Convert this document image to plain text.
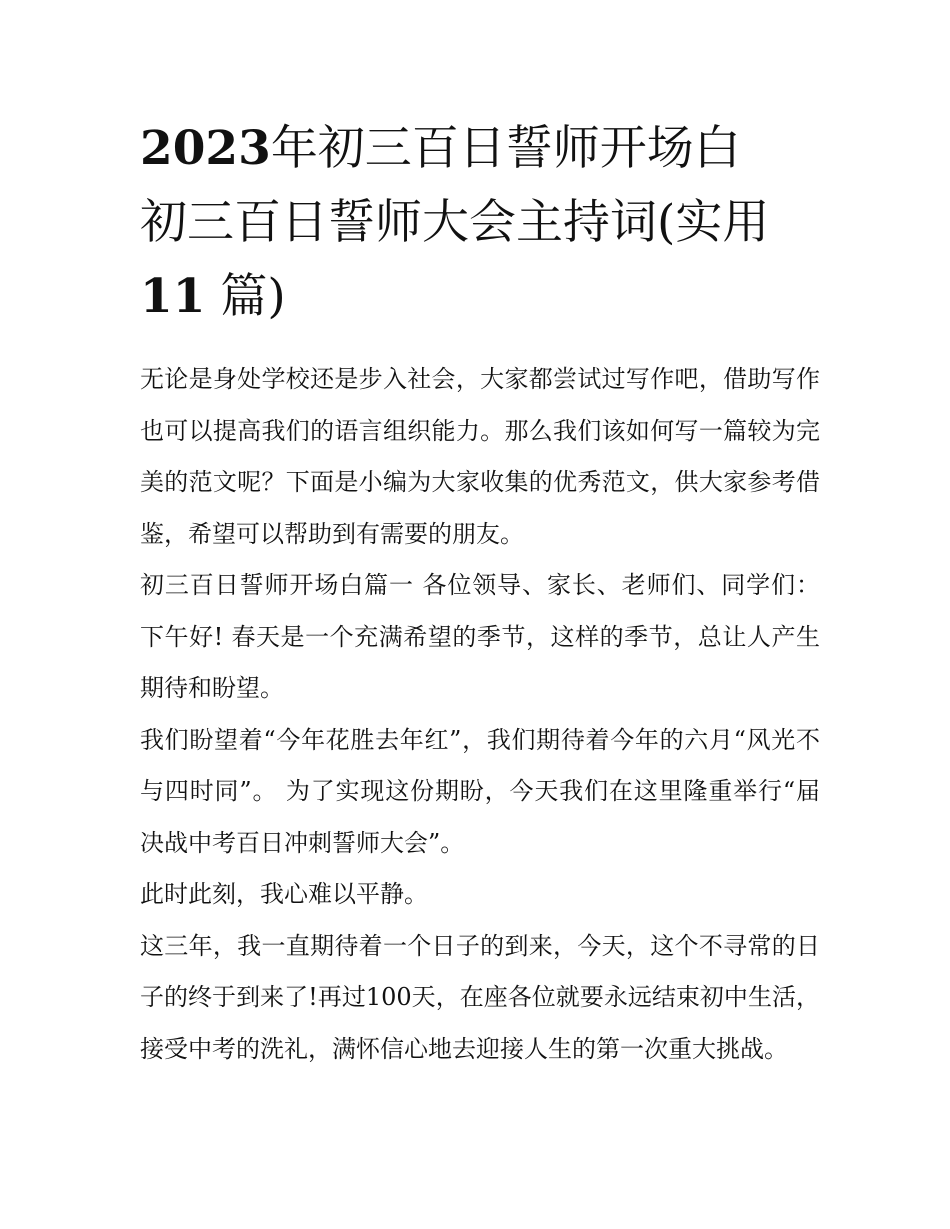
2023年初三百日誓师开场白
初三百日誓师大会主持词(实用
11 篇)

无论是身处学校还是步入社会，大家都尝试过写作吧，借助写作也可以提高我们的语言组织能力。那么我们该如何写一篇较为完美的范文呢？下面是小编为大家收集的优秀范文，供大家参考借鉴，希望可以帮助到有需要的朋友。

初三百日誓师开场白篇一 各位领导、家长、老师们、同学们： 下午好! 春天是一个充满希望的季节，这样的季节，总让人产生期待和盼望。

我们盼望着“今年花胜去年红”，我们期待着今年的六月“风光不与四时同”。 为了实现这份期盼，今天我们在这里隆重举行“届决战中考百日冲刺誓师大会”。

此时此刻，我心难以平静。

这三年，我一直期待着一个日子的到来，今天，这个不寻常的日子的终于到来了!再过100天，在座各位就要永远结束初中生活，接受中考的洗礼，满怀信心地去迎接人生的第一次重大挑战。
